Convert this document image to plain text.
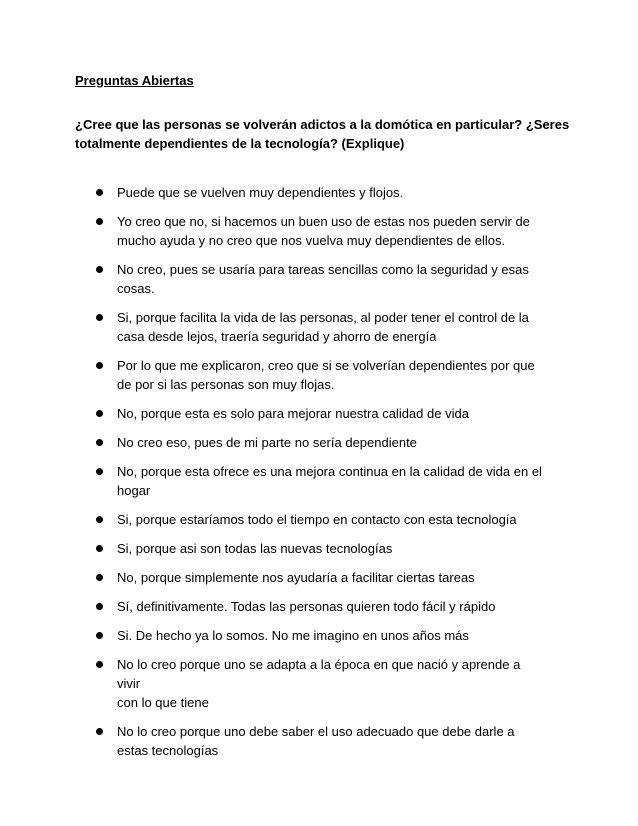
Preguntas Abiertas
¿Cree que las personas se volverán adictos a la domótica en particular? ¿Seres
totalmente dependientes de la tecnología? (Explique)
Puede que se vuelven muy dependientes y flojos.
Yo creo que no, si hacemos un buen uso de estas nos pueden servir de
mucho ayuda y no creo que nos vuelva muy dependientes de ellos.
No creo, pues se usaría para tareas sencillas como la seguridad y esas
cosas.
Si, porque facilita la vida de las personas, al poder tener el control de la
casa desde lejos, traería seguridad y ahorro de energía
Por lo que me explicaron, creo que si se volverían dependientes por que
de por si las personas son muy flojas.
No, porque esta es solo para mejorar nuestra calidad de vida
No creo eso, pues de mi parte no sería dependiente
No, porque esta ofrece es una mejora continua en la calidad de vida en el
hogar
Si, porque estaríamos todo el tiempo en contacto con esta tecnología
Si, porque asi son todas las nuevas tecnologías
No, porque simplemente nos ayudaría a facilitar ciertas tareas
Sí, definitivamente. Todas las personas quieren todo fácil y rápido
Si. De hecho ya lo somos. No me imagino en unos años más
No lo creo porque uno se adapta a la época en que nació y aprende a vivir
con lo que tiene
No lo creo porque uno debe saber el uso adecuado que debe darle a
estas tecnologías
